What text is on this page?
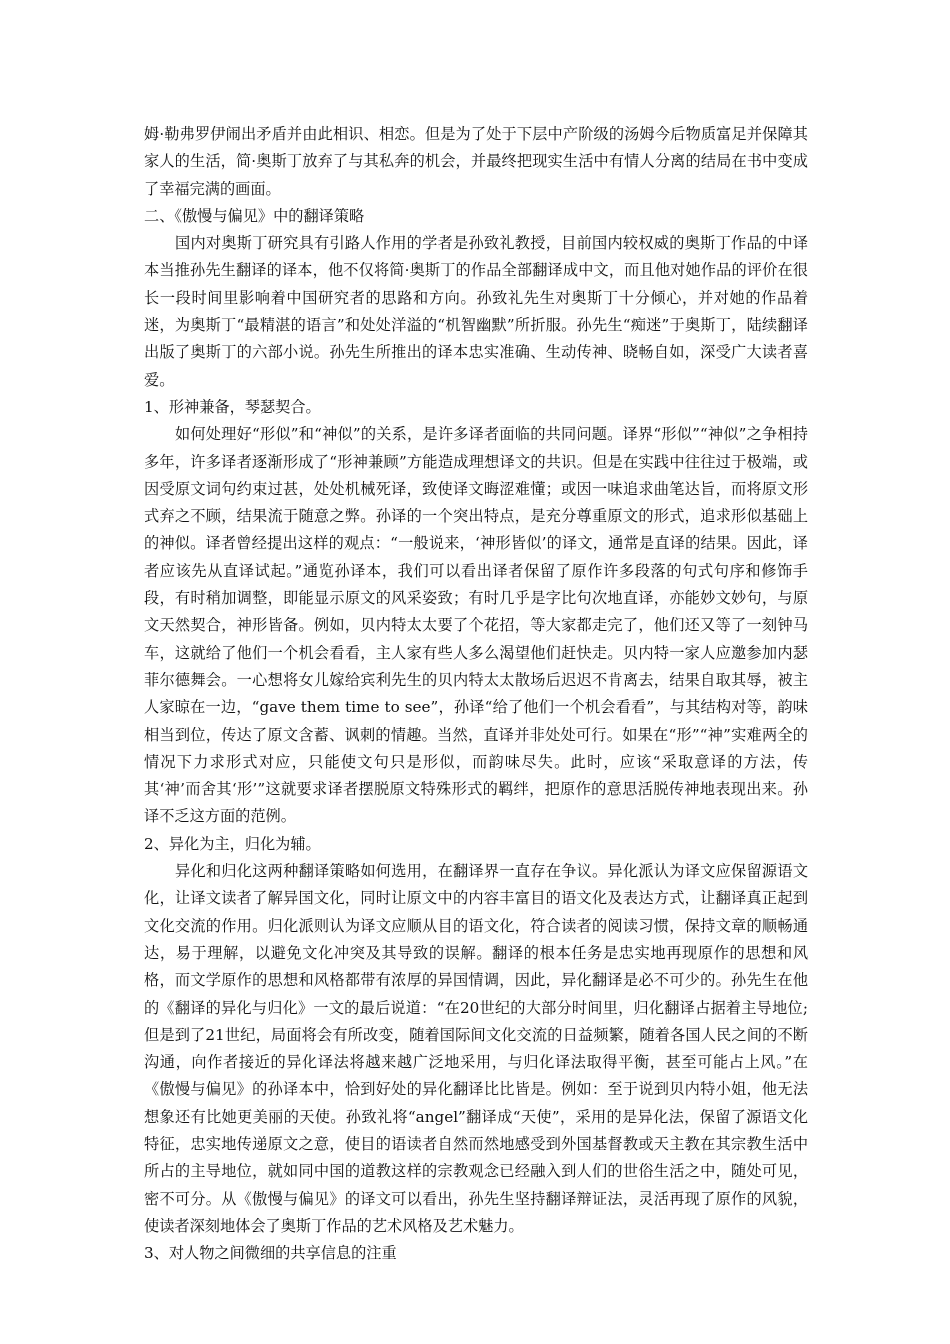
姆·勒弗罗伊闹出矛盾并由此相识、相恋。但是为了处于下层中产阶级的汤姆今后物质富足并保障其家人的生活，简·奥斯丁放弃了与其私奔的机会，并最终把现实生活中有情人分离的结局在书中变成了幸福完满的画面。

二、《傲慢与偏见》中的翻译策略

国内对奥斯丁研究具有引路人作用的学者是孙致礼教授，目前国内较权威的奥斯丁作品的中译本当推孙先生翻译的译本，他不仅将简·奥斯丁的作品全部翻译成中文，而且他对她作品的评价在很长一段时间里影响着中国研究者的思路和方向。孙致礼先生对奥斯丁十分倾心，并对她的作品着迷，为奥斯丁“最精湛的语言”和处处洋溢的“机智幽默”所折服。孙先生“痴迷”于奥斯丁，陆续翻译出版了奥斯丁的六部小说。孙先生所推出的译本忠实准确、生动传神、晓畅自如，深受广大读者喜爱。

1、形神兼备，琴瑟契合。

如何处理好“形似”和“神似”的关系，是许多译者面临的共同问题。译界“形似”“神似”之争相持多年，许多译者逐渐形成了“形神兼顾”方能造成理想译文的共识。但是在实践中往往过于极端，或因受原文词句约束过甚，处处机械死译，致使译文晦涩难懂；或因一味追求曲笔达旨，而将原文形式弃之不顾，结果流于随意之弊。孙译的一个突出特点，是充分尊重原文的形式，追求形似基础上的神似。译者曾经提出这样的观点：“一般说来，‘神形皆似’的译文，通常是直译的结果。因此，译者应该先从直译试起。”通览孙译本，我们可以看出译者保留了原作许多段落的句式句序和修饰手段，有时稍加调整，即能显示原文的风采姿致；有时几乎是字比句次地直译，亦能妙文妙句，与原文天然契合，神形皆备。例如，贝内特太太要了个花招，等大家都走完了，他们还又等了一刻钟马车，这就给了他们一个机会看看，主人家有些人多么渴望他们赶快走。贝内特一家人应邀参加内瑟菲尔德舞会。一心想将女儿嫁给宾利先生的贝内特太太散场后迟迟不肯离去，结果自取其辱，被主人家晾在一边，“gave them time to see”，孙译“给了他们一个机会看看”，与其结构对等，韵味相当到位，传达了原文含蓄、讽刺的情趣。当然，直译并非处处可行。如果在“形”“神”实难两全的情况下力求形式对应，只能使文句只是形似，而韵味尽失。此时，应该“采取意译的方法，传其‘神’而舍其‘形’”这就要求译者摆脱原文特殊形式的羁绊，把原作的意思活脱传神地表现出来。孙译不乏这方面的范例。

2、异化为主，归化为辅。

异化和归化这两种翻译策略如何选用，在翻译界一直存在争议。异化派认为译文应保留源语文化，让译文读者了解异国文化，同时让原文中的内容丰富目的语文化及表达方式，让翻译真正起到文化交流的作用。归化派则认为译文应顺从目的语文化，符合读者的阅读习惯，保持文章的顺畅通达，易于理解，以避免文化冲突及其导致的误解。翻译的根本任务是忠实地再现原作的思想和风格，而文学原作的思想和风格都带有浓厚的异国情调，因此，异化翻译是必不可少的。孙先生在他的《翻译的异化与归化》一文的最后说道：“在20世纪的大部分时间里，归化翻译占据着主导地位;但是到了21世纪，局面将会有所改变，随着国际间文化交流的日益频繁，随着各国人民之间的不断沟通，向作者接近的异化译法将越来越广泛地采用，与归化译法取得平衡，甚至可能占上风。”在《傲慢与偏见》的孙译本中，恰到好处的异化翻译比比皆是。例如：至于说到贝内特小姐，他无法想象还有比她更美丽的天使。孙致礼将“angel”翻译成“天使”，采用的是异化法，保留了源语文化特征，忠实地传递原文之意，使目的语读者自然而然地感受到外国基督教或天主教在其宗教生活中所占的主导地位，就如同中国的道教这样的宗教观念已经融入到人们的世俗生活之中，随处可见，密不可分。从《傲慢与偏见》的译文可以看出，孙先生坚持翻译辩证法，灵活再现了原作的风貌，使读者深刻地体会了奥斯丁作品的艺术风格及艺术魅力。

3、对人物之间微细的共享信息的注重
